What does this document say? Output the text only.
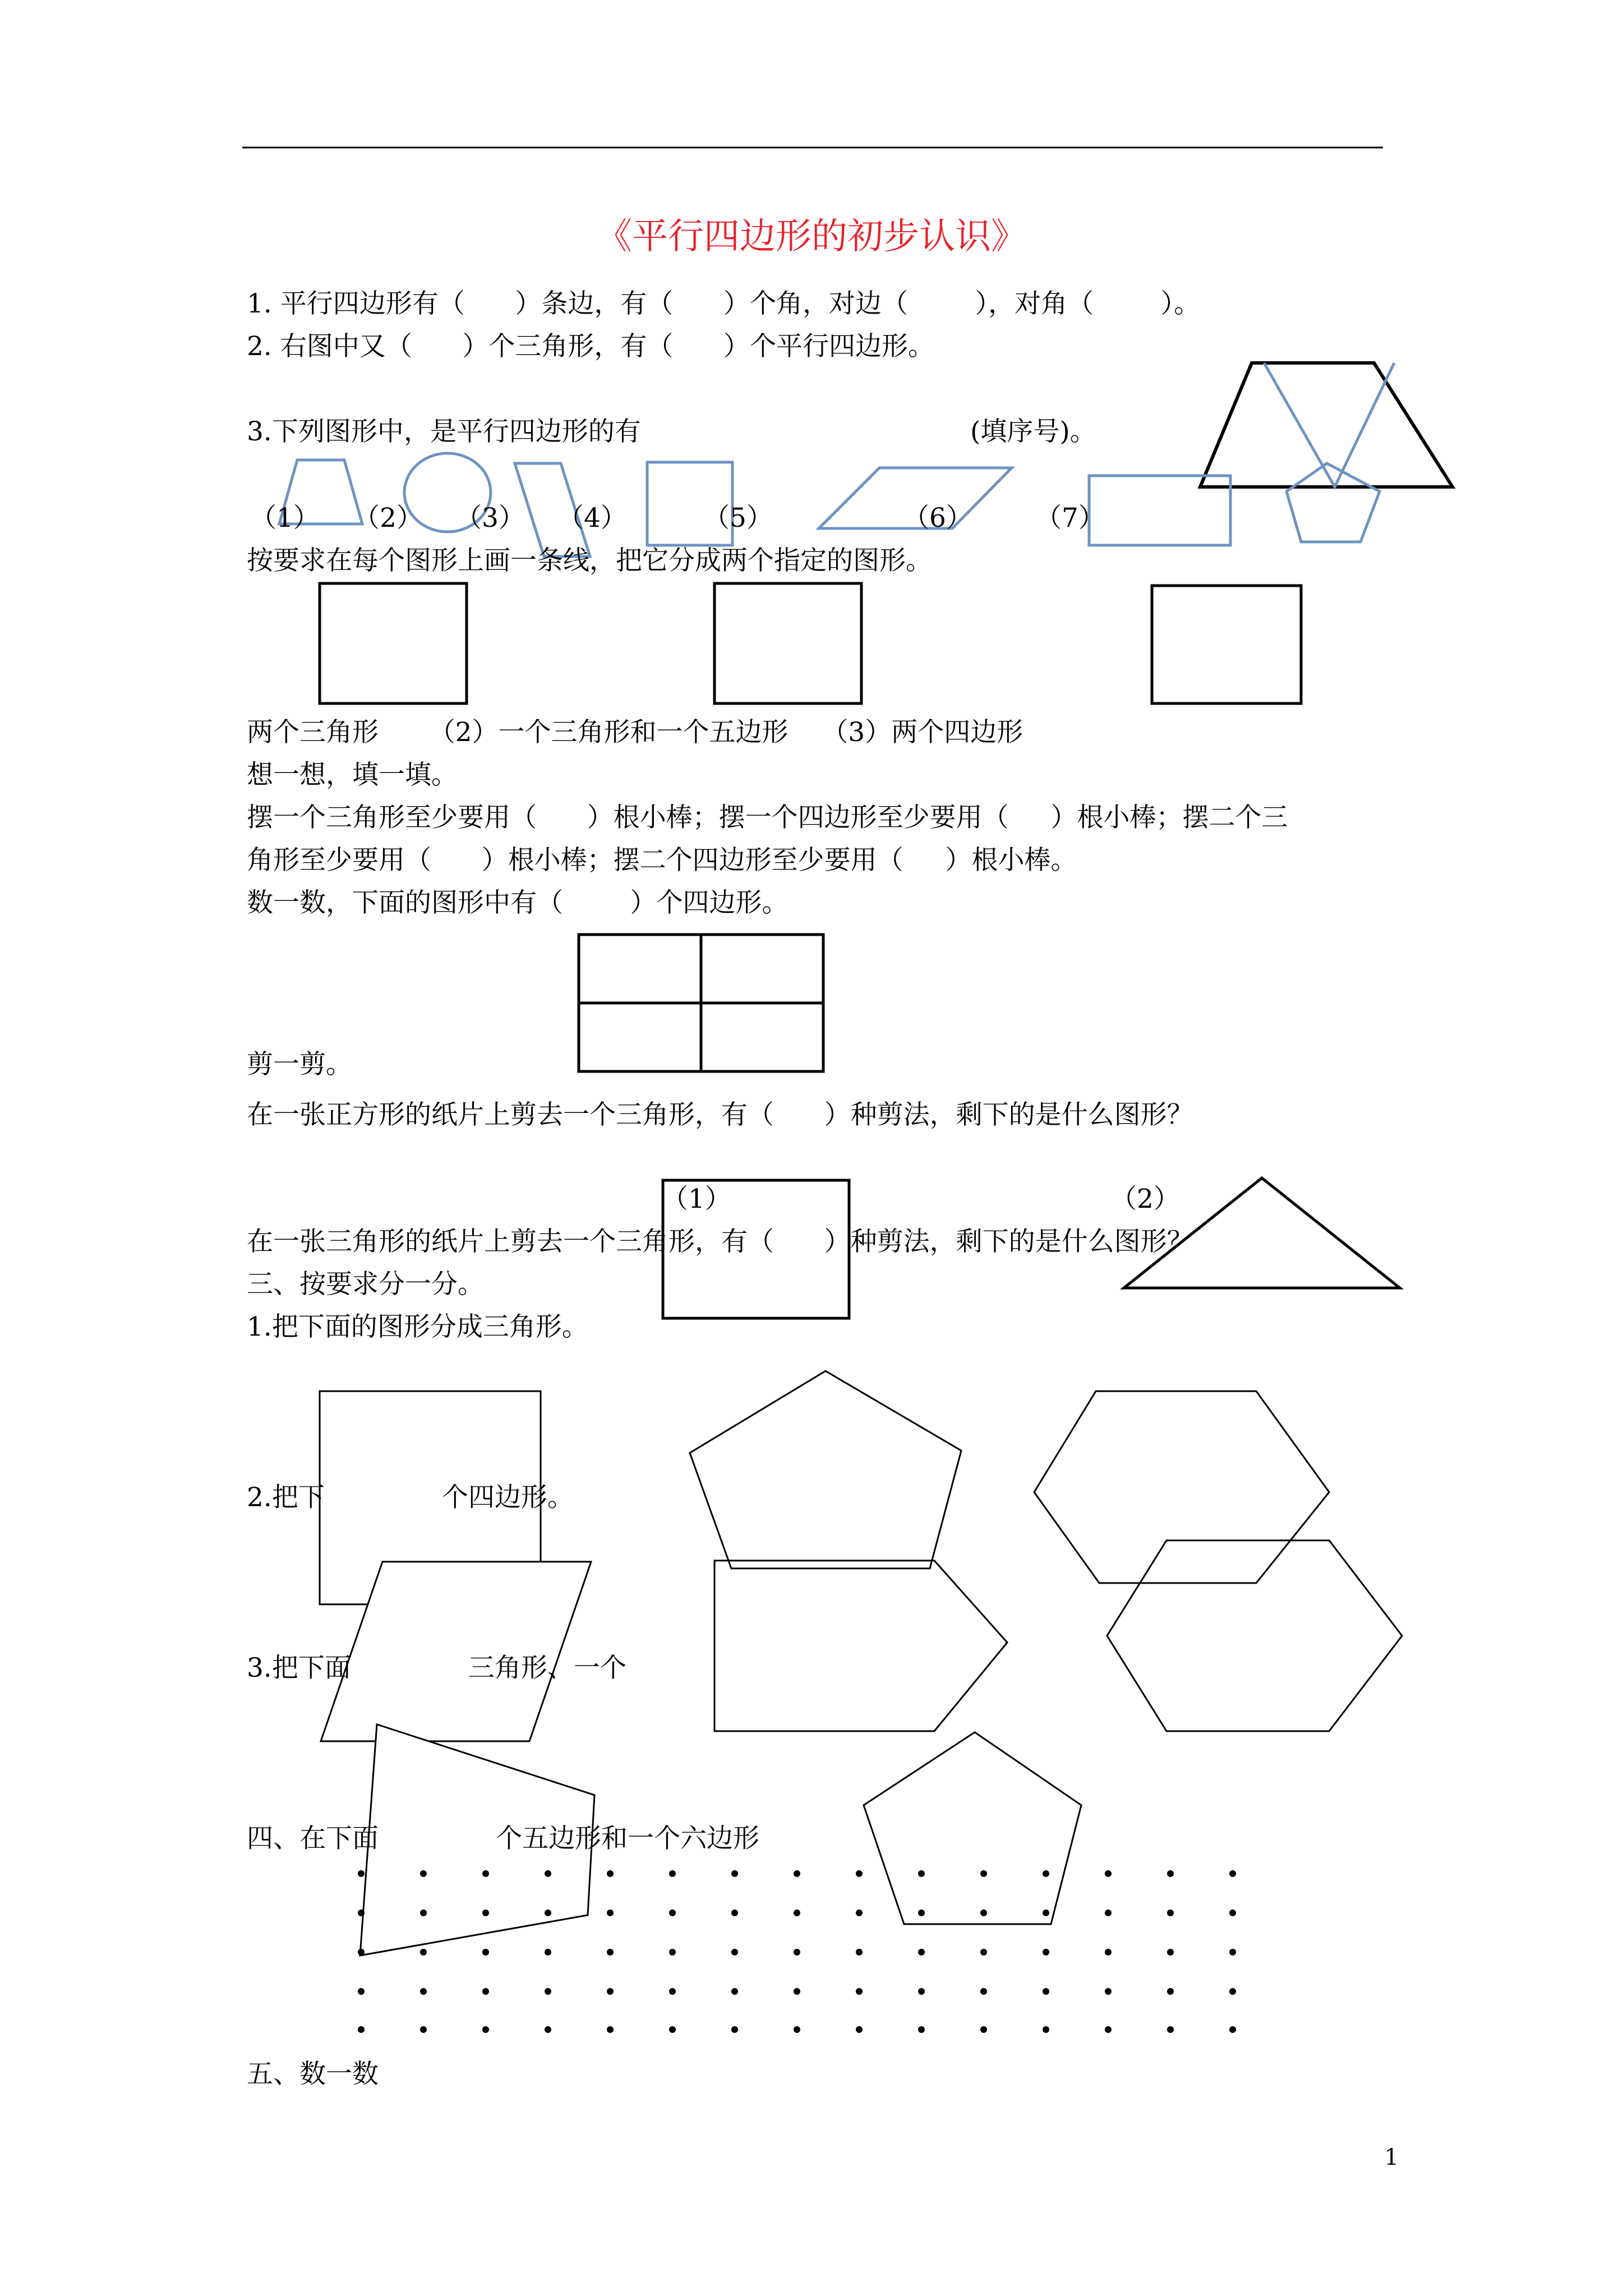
《平行四边形的初步认识》
1. 平行四边形有（      ）条边，有（      ）个角，对边（        ），对角（        ）。
2. 右图中又（      ）个三角形，有（      ）个平行四边形。
3.下列图形中，是平行四边形的有	(填序号)。
（1） （2） （3） （4）	（5）	（6） （7）
按要求在每个图形上画一条线，把它分成两个指定的图形。
两个三角形      （2）一个三角形和一个五边形    （3）两个四边形
想一想，填一填。
摆一个三角形至少要用（      ）根小棒；摆一个四边形至少要用（     ）根小棒；摆二个三
角形至少要用（      ）根小棒；摆二个四边形至少要用（     ）根小棒。
数一数，下面的图形中有（        ）个四边形。
剪一剪。
在一张正方形的纸片上剪去一个三角形，有（      ）种剪法，剩下的是什么图形？
（1）	（2）
在一张三角形的纸片上剪去一个三角形，有（      ）种剪法，剩下的是什么图形？
三、按要求分一分。
1.把下面的图形分成三角形。
2.把下              个四边形。
3.把下面              三角形、一个
四、在下面              个五边形和一个六边形
五、数一数
1
